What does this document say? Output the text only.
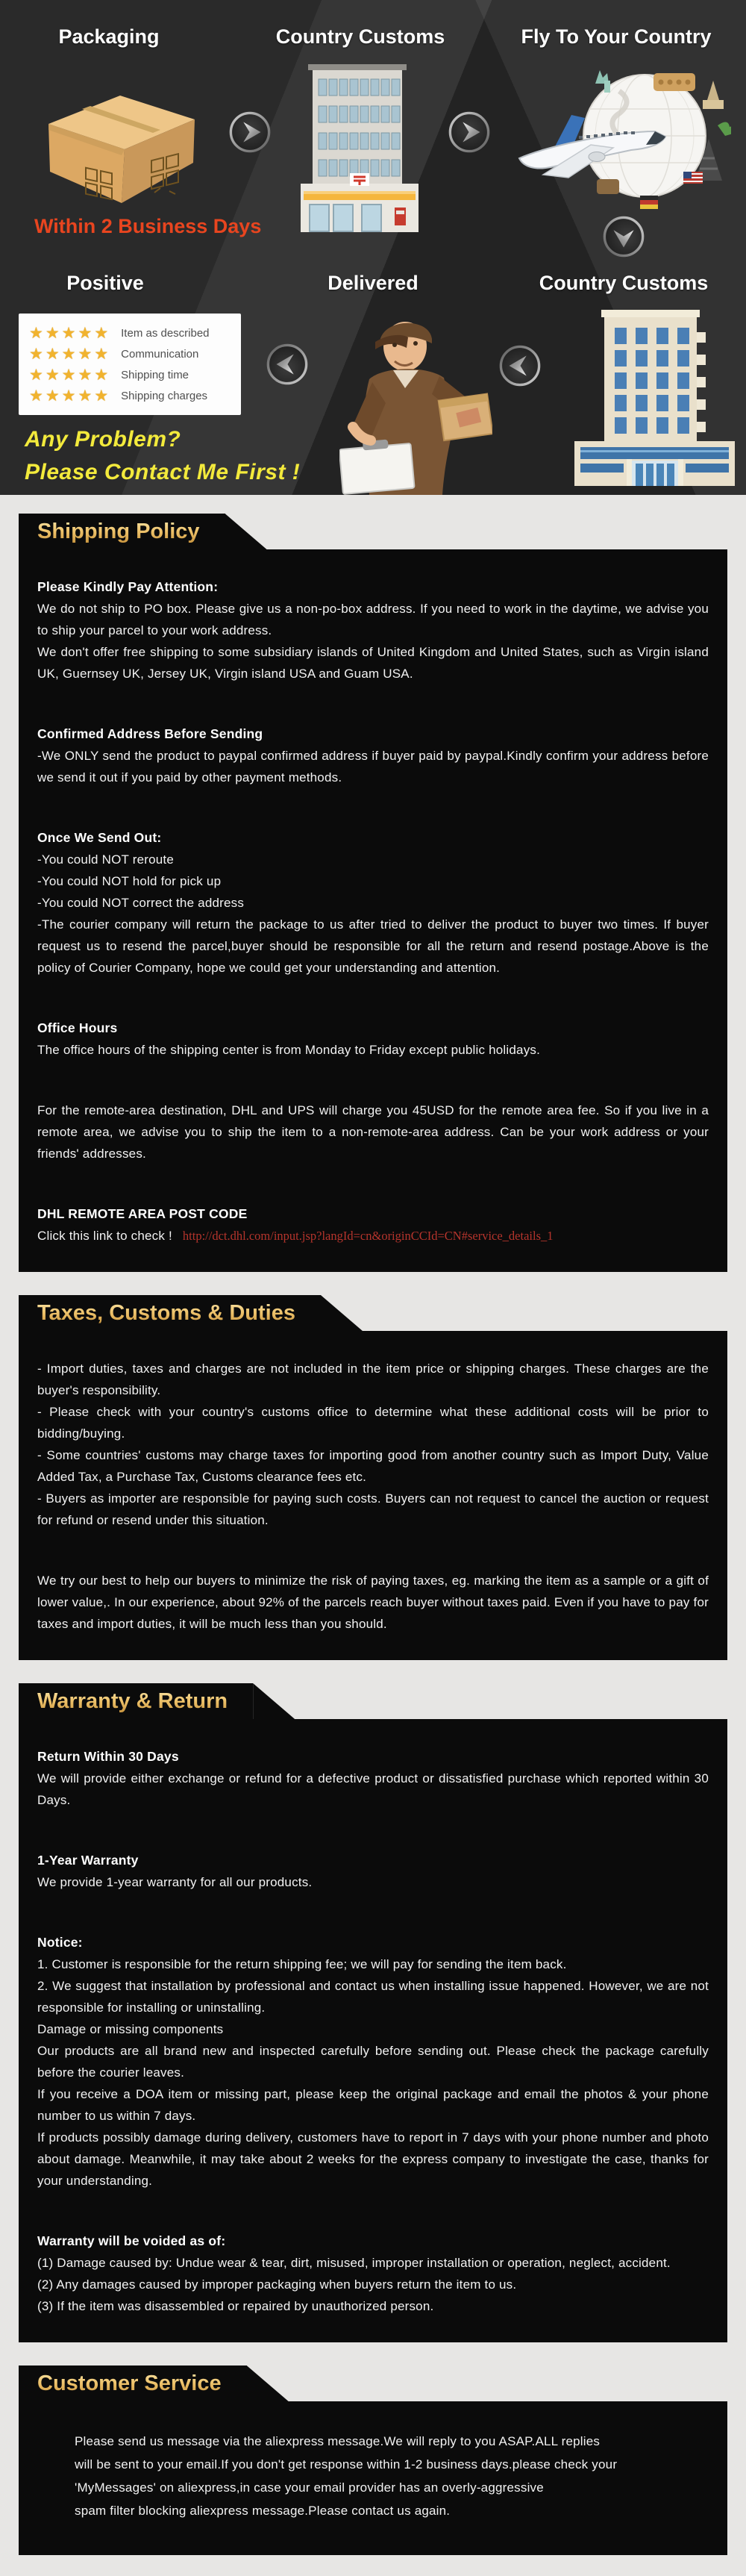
Packaging	Country Customs	Fly To Your Country
Within 2 Business Days
Positive	Delivered	Country Customs
★ ★ ★ ★ ★ Item as described
★ ★ ★ ★ ★ Communication
★ ★ ★ ★ ★ Shipping time
★ ★ ★ ★ ★ Shipping charges
Any Problem?
Please Contact Me First !
Shipping Policy
Please Kindly Pay Attention:

We do not ship to PO box. Please give us a non-po-box address. If you need to work in the daytime, we advise you to ship your parcel to your work address.

We don't offer free shipping to some subsidiary islands of United Kingdom and United States, such as Virgin island UK, Guernsey UK, Jersey UK, Virgin island USA and Guam USA.

Confirmed Address Before Sending

-We ONLY send the product to paypal confirmed address if buyer paid by paypal.Kindly confirm your address before we send it out if you paid by other payment methods.

Once We Send Out:

-You could NOT reroute

-You could NOT hold for pick up

-You could NOT correct the address

-The courier company will return the package to us after tried to deliver the product to buyer two times. If buyer request us to resend the parcel,buyer should be responsible for all the return and resend postage.Above is the policy of Courier Company, hope we could get your understanding and attention.

Office Hours

The office hours of the shipping center is from Monday to Friday except public holidays.

For the remote-area destination, DHL and UPS will charge you 45USD for the remote area fee. So if you live in a remote area, we advise you to ship the item to a non-remote-area address. Can be your work address or your friends' addresses.

DHL REMOTE AREA POST CODE

Click this link to check ! http://dct.dhl.com/input.jsp?langId=cn&originCCId=CN#service_details_1

Taxes, Customs & Duties

- Import duties, taxes and charges are not included in the item price or shipping charges. These charges are the buyer's responsibility.

- Please check with your country's customs office to determine what these additional costs will be prior to bidding/buying.

- Some countries' customs may charge taxes for importing good from another country such as Import Duty, Value Added Tax, a Purchase Tax, Customs clearance fees etc.

- Buyers as importer are responsible for paying such costs. Buyers can not request to cancel the auction or request for refund or resend under this situation.

We try our best to help our buyers to minimize the risk of paying taxes, eg. marking the item as a sample or a gift of lower value,. In our experience, about 92% of the parcels reach buyer without taxes paid. Even if you have to pay for taxes and import duties, it will be much less than you should.

Warranty & Return
Return Within 30 Days

We will provide either exchange or refund for a defective product or dissatisfied purchase which reported within 30 Days.

1-Year Warranty

We provide 1-year warranty for all our products.

Notice:

1. Customer is responsible for the return shipping fee; we will pay for sending the item back.

2. We suggest that installation by professional and contact us when installing issue happened. However, we are not responsible for installing or uninstalling.

Damage or missing components

Our products are all brand new and inspected carefully before sending out. Please check the package carefully before the courier leaves.

If you receive a DOA item or missing part, please keep the original package and email the photos & your phone number to us within 7 days.

If products possibly damage during delivery, customers have to report in 7 days with your phone number and photo about damage. Meanwhile, it may take about 2 weeks for the express company to investigate the case, thanks for your understanding.

Warranty will be voided as of:

(1) Damage caused by: Undue wear & tear, dirt, misused, improper installation or operation, neglect, accident.

(2) Any damages caused by improper packaging when buyers return the item to us.

(3) If the item was disassembled or repaired by unauthorized person.

Customer Service

Please send us message via the aliexpress message.We will reply to you ASAP.ALL replies
will be sent to your email.If you don't get response within 1-2 business days.please check your
'MyMessages' on aliexpress,in case your email provider has an overly-aggressive
spam filter blocking aliexpress message.Please contact us again.
